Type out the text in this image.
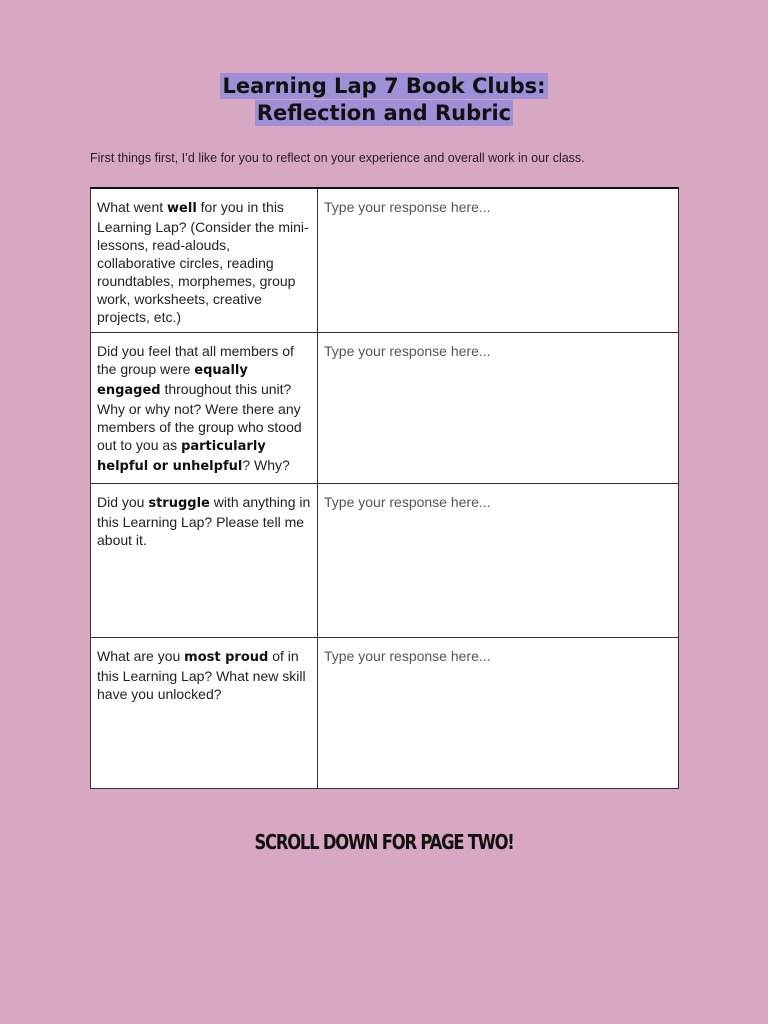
Learning Lap 7 Book Clubs:
Reflection and Rubric

First things first, I’d like for you to reflect on your experience and overall work in our class.

What went well for you in this Learning Lap? (Consider the mini-lessons, read-alouds, collaborative circles, reading roundtables, morphemes, group work, worksheets, creative projects, etc.)	Type your response here...
Did you feel that all members of the group were equally engaged throughout this unit? Why or why not? Were there any members of the group who stood out to you as particularly helpful or unhelpful? Why?	Type your response here...
Did you struggle with anything in this Learning Lap? Please tell me about it.	Type your response here...
What are you most proud of in this Learning Lap? What new skill have you unlocked?	Type your response here...

SCROLL DOWN FOR PAGE TWO!
